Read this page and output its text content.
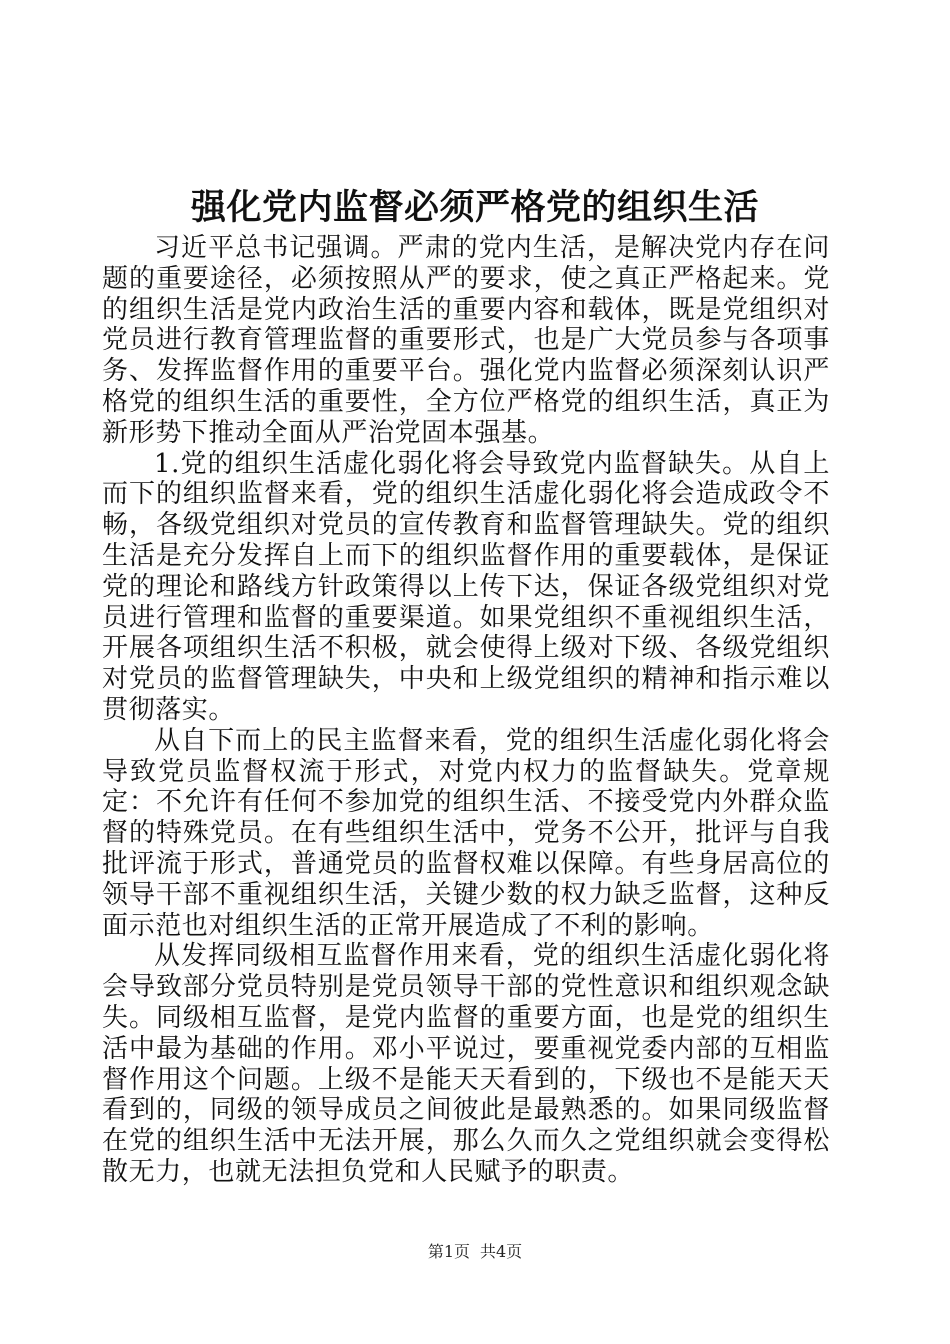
强化党内监督必须严格党的组织生活

习近平总书记强调。严肃的党内生活，是解决党内存在问题的重要途径，必须按照从严的要求，使之真正严格起来。党的组织生活是党内政治生活的重要内容和载体，既是党组织对党员进行教育管理监督的重要形式，也是广大党员参与各项事务、发挥监督作用的重要平台。强化党内监督必须深刻认识严格党的组织生活的重要性，全方位严格党的组织生活，真正为新形势下推动全面从严治党固本强基。

1.党的组织生活虚化弱化将会导致党内监督缺失。从自上而下的组织监督来看，党的组织生活虚化弱化将会造成政令不畅，各级党组织对党员的宣传教育和监督管理缺失。党的组织生活是充分发挥自上而下的组织监督作用的重要载体，是保证党的理论和路线方针政策得以上传下达，保证各级党组织对党员进行管理和监督的重要渠道。如果党组织不重视组织生活，开展各项组织生活不积极，就会使得上级对下级、各级党组织对党员的监督管理缺失，中央和上级党组织的精神和指示难以贯彻落实。

从自下而上的民主监督来看，党的组织生活虚化弱化将会导致党员监督权流于形式，对党内权力的监督缺失。党章规定：不允许有任何不参加党的组织生活、不接受党内外群众监督的特殊党员。在有些组织生活中，党务不公开，批评与自我批评流于形式，普通党员的监督权难以保障。有些身居高位的领导干部不重视组织生活，关键少数的权力缺乏监督，这种反面示范也对组织生活的正常开展造成了不利的影响。

从发挥同级相互监督作用来看，党的组织生活虚化弱化将会导致部分党员特别是党员领导干部的党性意识和组织观念缺失。同级相互监督，是党内监督的重要方面，也是党的组织生活中最为基础的作用。邓小平说过，要重视党委内部的互相监督作用这个问题。上级不是能天天看到的，下级也不是能天天看到的，同级的领导成员之间彼此是最熟悉的。如果同级监督在党的组织生活中无法开展，那么久而久之党组织就会变得松散无力，也就无法担负党和人民赋予的职责。

第1页 共4页
